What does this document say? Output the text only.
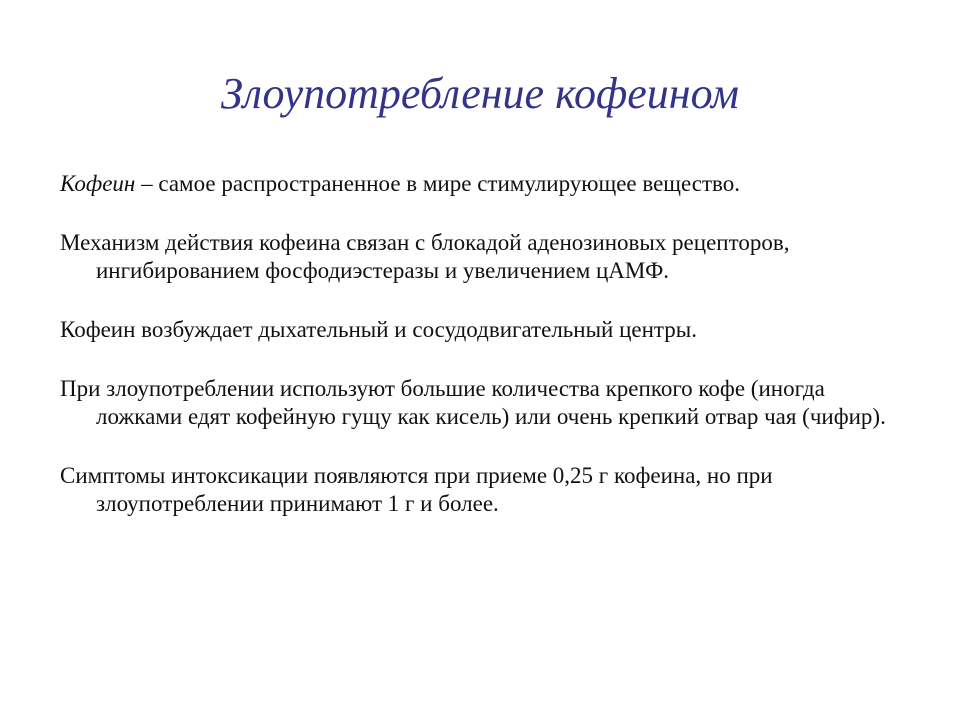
Злоупотребление кофеином

Кофеин – самое распространенное в мире стимулирующее вещество.

Механизм действия кофеина связан с блокадой аденозиновых рецепторов, ингибированием фосфодиэстеразы и увеличением цАМФ.

Кофеин возбуждает дыхательный и сосудодвигательный центры.

При злоупотреблении используют большие количества крепкого кофе (иногда ложками едят кофейную гущу как кисель) или очень крепкий отвар чая (чифир).

Симптомы интоксикации появляются при приеме 0,25 г кофеина, но при злоупотреблении принимают 1 г и более.
